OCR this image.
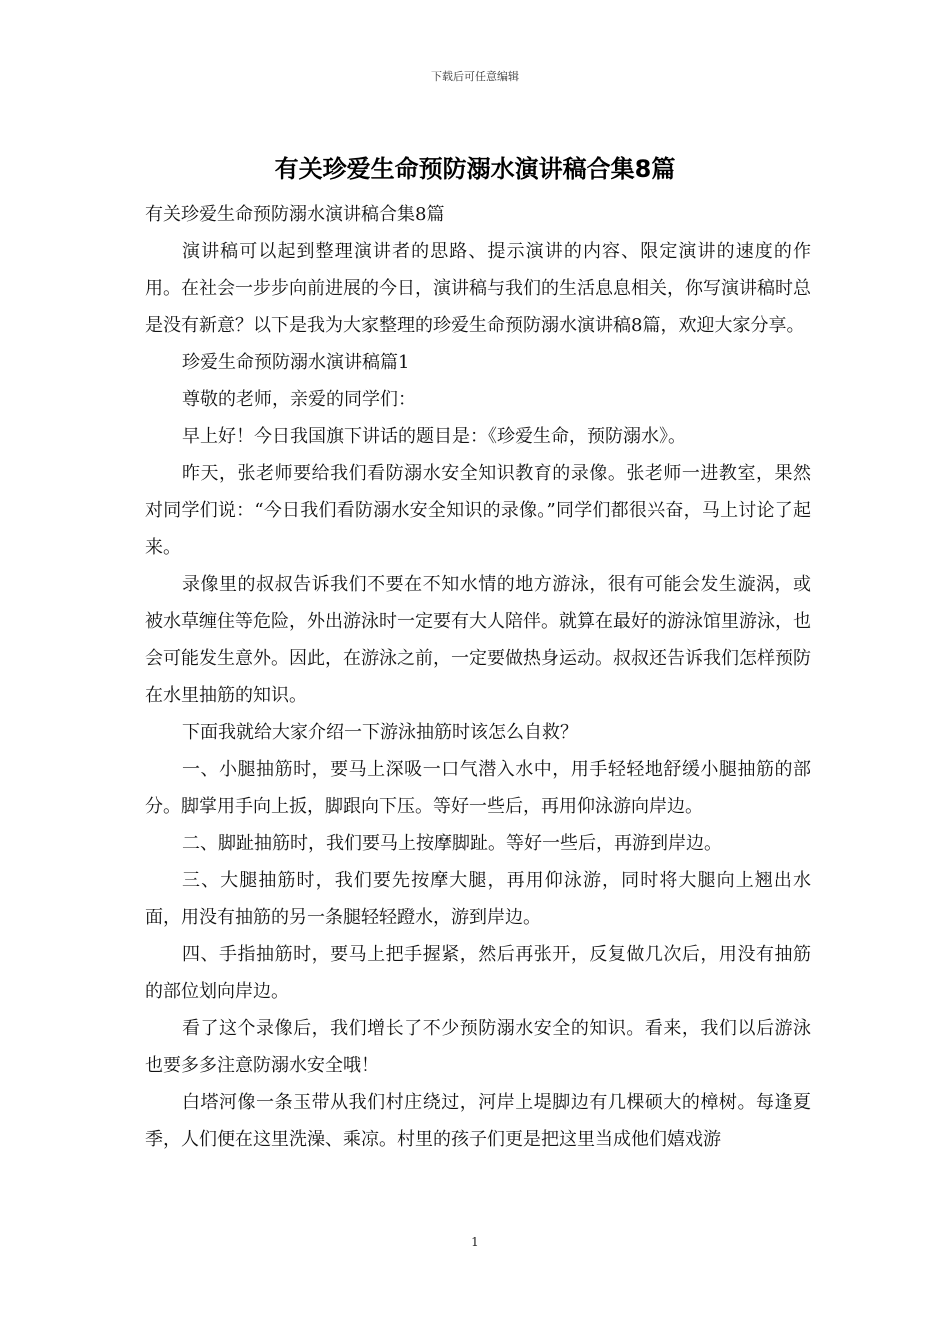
下载后可任意编辑
有关珍爱生命预防溺水演讲稿合集8篇

有关珍爱生命预防溺水演讲稿合集8篇

演讲稿可以起到整理演讲者的思路、提示演讲的内容、限定演讲的速度的作用。在社会一步步向前进展的今日，演讲稿与我们的生活息息相关，你写演讲稿时总是没有新意？以下是我为大家整理的珍爱生命预防溺水演讲稿8篇，欢迎大家分享。

珍爱生命预防溺水演讲稿篇1

尊敬的老师，亲爱的同学们：

早上好！今日我国旗下讲话的题目是：《珍爱生命，预防溺水》。

昨天，张老师要给我们看防溺水安全知识教育的录像。张老师一进教室，果然对同学们说：“今日我们看防溺水安全知识的录像。”同学们都很兴奋，马上讨论了起来。

录像里的叔叔告诉我们不要在不知水情的地方游泳，很有可能会发生漩涡，或被水草缠住等危险，外出游泳时一定要有大人陪伴。就算在最好的游泳馆里游泳，也会可能发生意外。因此，在游泳之前，一定要做热身运动。叔叔还告诉我们怎样预防在水里抽筋的知识。

下面我就给大家介绍一下游泳抽筋时该怎么自救？

一、小腿抽筋时，要马上深吸一口气潜入水中，用手轻轻地舒缓小腿抽筋的部分。脚掌用手向上扳，脚跟向下压。等好一些后，再用仰泳游向岸边。

二、脚趾抽筋时，我们要马上按摩脚趾。等好一些后，再游到岸边。

三、大腿抽筋时，我们要先按摩大腿，再用仰泳游，同时将大腿向上翘出水面，用没有抽筋的另一条腿轻轻蹬水，游到岸边。

四、手指抽筋时，要马上把手握紧，然后再张开，反复做几次后，用没有抽筋的部位划向岸边。

看了这个录像后，我们增长了不少预防溺水安全的知识。看来，我们以后游泳也要多多注意防溺水安全哦！

白塔河像一条玉带从我们村庄绕过，河岸上堤脚边有几棵硕大的樟树。每逢夏季，人们便在这里洗澡、乘凉。村里的孩子们更是把这里当成他们嬉戏游

1
